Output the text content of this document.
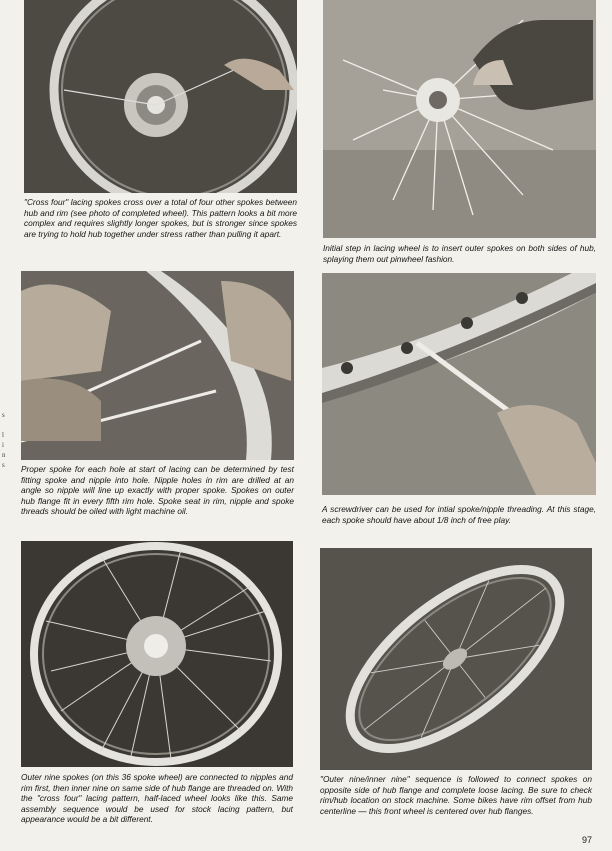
"Cross four" lacing spokes cross over a total of four other spokes between hub and rim (see photo of completed wheel). This pattern looks a bit more complex and requires slightly longer spokes, but is stronger since spokes are trying to hold hub together under stress rather than pulling it apart.

Initial step in lacing wheel is to insert outer spokes on both sides of hub, splaying them out pinwheel fashion.

Proper spoke for each hole at start of lacing can be determined by test fitting spoke and nipple into hole. Nipple holes in rim are drilled at an angle so nipple will line up exactly with proper spoke. Spokes on outer hub flange fit in every fifth rim hole. Spoke seat in rim, nipple and spoke threads should be oiled with light machine oil.	A screwdriver can be used for intial spoke/nipple threading. At this stage, each spoke should have about 1/8 inch of free play.

Outer nine spokes (on this 36 spoke wheel) are connected to nipples and rim first, then inner nine on same side of hub flange are threaded on. With the "cross four" lacing pattern, half-laced wheel looks like this. Same assembly sequence would be used for stock lacing pattern, but appearance would be a bit different.

"Outer nine/inner nine" sequence is followed to connect spokes on opposite side of hub flange and complete loose lacing. Be sure to check rim/hub location on stock machine. Some bikes have rim offset from hub centerline — this front wheel is centered over hub flanges.

s

l
i
n
s
97
